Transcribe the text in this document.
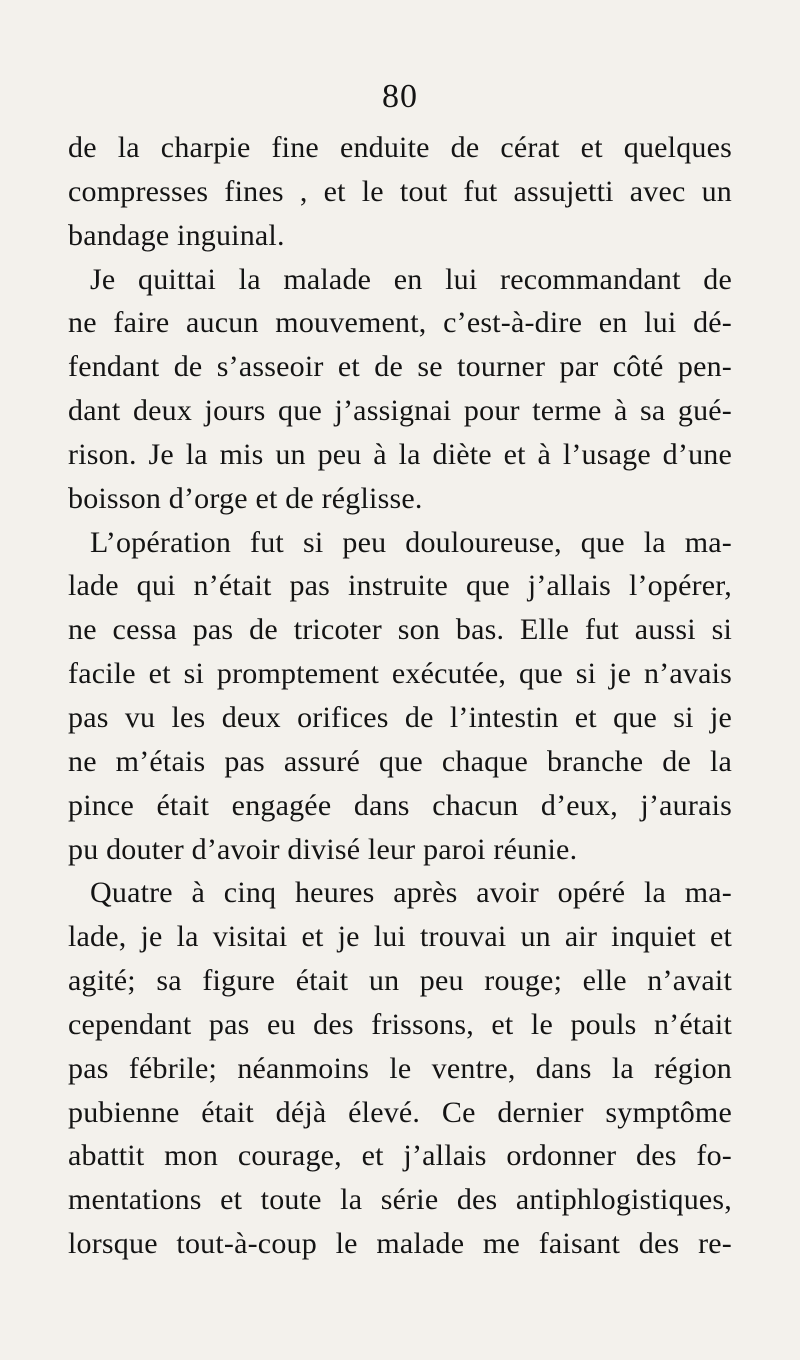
80
de la charpie fine enduite de cérat et quelques
compresses fines , et le tout fut assujetti avec un
bandage inguinal.
Je quittai la malade en lui recommandant de
ne faire aucun mouvement, c’est-à-dire en lui dé-
fendant de s’asseoir et de se tourner par côté pen-
dant deux jours que j’assignai pour terme à sa gué-
rison. Je la mis un peu à la diète et à l’usage d’une
boisson d’orge et de réglisse.
L’opération fut si peu douloureuse, que la ma-
lade qui n’était pas instruite que j’allais l’opérer,
ne cessa pas de tricoter son bas. Elle fut aussi si
facile et si promptement exécutée, que si je n’avais
pas vu les deux orifices de l’intestin et que si je
ne m’étais pas assuré que chaque branche de la
pince était engagée dans chacun d’eux, j’aurais
pu douter d’avoir divisé leur paroi réunie.
Quatre à cinq heures après avoir opéré la ma-
lade, je la visitai et je lui trouvai un air inquiet et
agité; sa figure était un peu rouge; elle n’avait
cependant pas eu des frissons, et le pouls n’était
pas fébrile; néanmoins le ventre, dans la région
pubienne était déjà élevé. Ce dernier symptôme
abattit mon courage, et j’allais ordonner des fo-
mentations et toute la série des antiphlogistiques,
lorsque tout-à-coup le malade me faisant des re-
